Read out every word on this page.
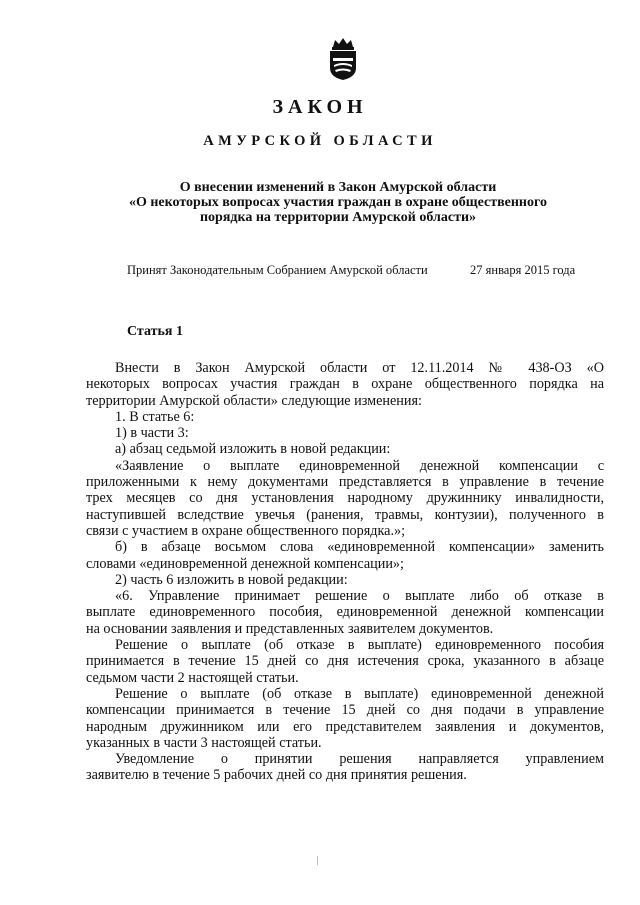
ЗАКОН
АМУРСКОЙ ОБЛАСТИ
О внесении изменений в Закон Амурской области
«О некоторых вопросах участия граждан в охране общественного
порядка на территории Амурской области»
Принят Законодательным Собранием Амурской области	27 января 2015 года
Статья 1
Внести в Закон Амурской области от 12.11.2014 № 438-ОЗ «О
некоторых вопросах участия граждан в охране общественного порядка на
территории Амурской области» следующие изменения:
1. В статье 6:
1) в части 3:
а) абзац седьмой изложить в новой редакции:
«Заявление о выплате единовременной денежной компенсации с
приложенными к нему документами представляется в управление в течение
трех месяцев со дня установления народному дружиннику инвалидности,
наступившей вследствие увечья (ранения, травмы, контузии), полученного в
связи с участием в охране общественного порядка.»;
б) в абзаце восьмом слова «единовременной компенсации» заменить
словами «единовременной денежной компенсации»;
2) часть 6 изложить в новой редакции:
«6. Управление принимает решение о выплате либо об отказе в
выплате единовременного пособия, единовременной денежной компенсации
на основании заявления и представленных заявителем документов.
Решение о выплате (об отказе в выплате) единовременного пособия
принимается в течение 15 дней со дня истечения срока, указанного в абзаце
седьмом части 2 настоящей статьи.
Решение о выплате (об отказе в выплате) единовременной денежной
компенсации принимается в течение 15 дней со дня подачи в управление
народным дружинником или его представителем заявления и документов,
указанных в части 3 настоящей статьи.
Уведомление о принятии решения направляется управлением
заявителю в течение 5 рабочих дней со дня принятия решения.
